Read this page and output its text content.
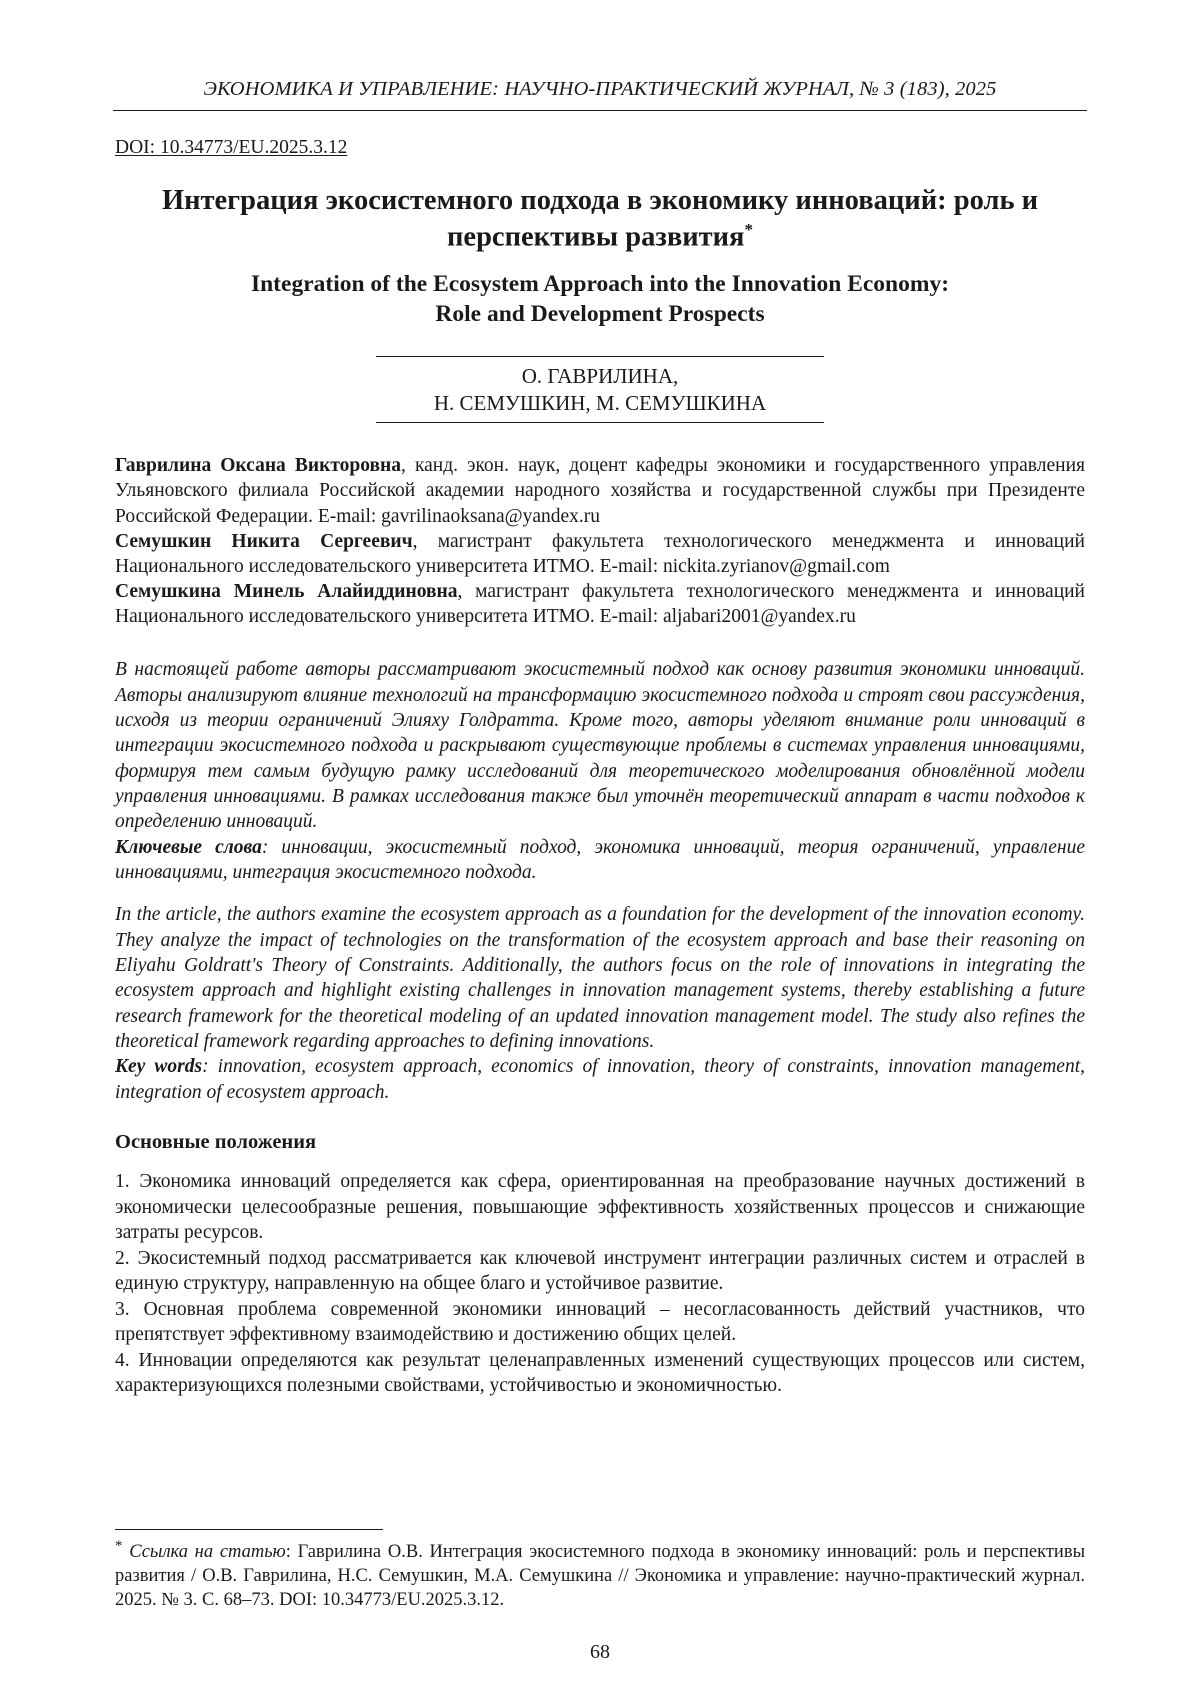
ЭКОНОМИКА И УПРАВЛЕНИЕ: НАУЧНО-ПРАКТИЧЕСКИЙ ЖУРНАЛ, № 3 (183), 2025
DOI: 10.34773/EU.2025.3.12
Интеграция экосистемного подхода в экономику инноваций: роль и перспективы развития*
Integration of the Ecosystem Approach into the Innovation Economy:
Role and Development Prospects
О. ГАВРИЛИНА,
Н. СЕМУШКИН, М. СЕМУШКИНА

Гаврилина Оксана Викторовна, канд. экон. наук, доцент кафедры экономики и государственного управления Ульяновского филиала Российской академии народного хозяйства и государственной службы при Президенте Российской Федерации. E-mail: gavrilinaoksana@yandex.ru

Семушкин Никита Сергеевич, магистрант факультета технологического менеджмента и инноваций Национального исследовательского университета ИТМО. E-mail: nickita.zyrianov@gmail.com

Семушкина Минель Алайиддиновна, магистрант факультета технологического менеджмента и инноваций Национального исследовательского университета ИТМО. E-mail: aljabari2001@yandex.ru

В настоящей работе авторы рассматривают экосистемный подход как основу развития экономики инноваций. Авторы анализируют влияние технологий на трансформацию экосистемного подхода и строят свои рассуждения, исходя из теории ограничений Элияху Голдратта. Кроме того, авторы уделяют внимание роли инноваций в интеграции экосистемного подхода и раскрывают существующие проблемы в системах управления инновациями, формируя тем самым будущую рамку исследований для теоретического моделирования обновлённой модели управления инновациями. В рамках исследования также был уточнён теоретический аппарат в части подходов к определению инноваций.

Ключевые слова: инновации, экосистемный подход, экономика инноваций, теория ограничений, управление инновациями, интеграция экосистемного подхода.

In the article, the authors examine the ecosystem approach as a foundation for the development of the innovation economy. They analyze the impact of technologies on the transformation of the ecosystem approach and base their reasoning on Eliyahu Goldratt's Theory of Constraints. Additionally, the authors focus on the role of innovations in integrating the ecosystem approach and highlight existing challenges in innovation management systems, thereby establishing a future research framework for the theoretical modeling of an updated innovation management model. The study also refines the theoretical framework regarding approaches to defining innovations.

Key words: innovation, ecosystem approach, economics of innovation, theory of constraints, innovation management, integration of ecosystem approach.

Основные положения

1. Экономика инноваций определяется как сфера, ориентированная на преобразование научных достижений в экономически целесообразные решения, повышающие эффективность хозяйственных процессов и снижающие затраты ресурсов.

2. Экосистемный подход рассматривается как ключевой инструмент интеграции различных систем и отраслей в единую структуру, направленную на общее благо и устойчивое развитие.

3. Основная проблема современной экономики инноваций – несогласованность действий участников, что препятствует эффективному взаимодействию и достижению общих целей.

4. Инновации определяются как результат целенаправленных изменений существующих процессов или систем, характеризующихся полезными свойствами, устойчивостью и экономичностью.

* Ссылка на статью: Гаврилина О.В. Интеграция экосистемного подхода в экономику инноваций: роль и перспективы развития / О.В. Гаврилина, Н.С. Семушкин, М.А. Семушкина // Экономика и управление: научно-практический журнал. 2025. № 3. С. 68–73. DOI: 10.34773/EU.2025.3.12.
68
